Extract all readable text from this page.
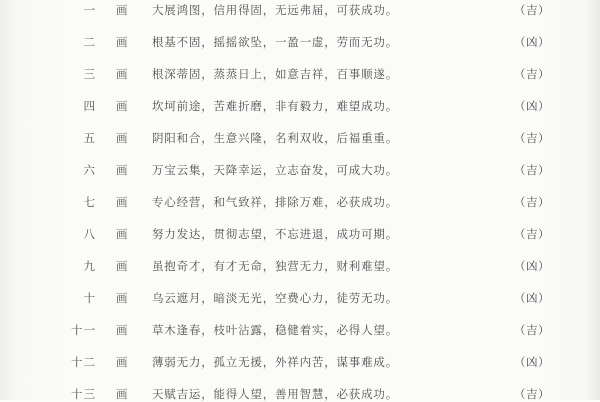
一	画	大展鸿图，信用得固，无远弗届，可获成功。	（吉）
二	画	根基不固，摇摇欲坠，一盈一虚，劳而无功。	（凶）
三	画	根深蒂固，蒸蒸日上，如意吉祥，百事顺遂。	（吉）
四	画	坎坷前途，苦难折磨，非有毅力，难望成功。	（凶）
五	画	阴阳和合，生意兴隆，名利双收，后福重重。	（吉）
六	画	万宝云集，天降幸运，立志奋发，可成大功。	（吉）
七	画	专心经营，和气致祥，排除万难，必获成功。	（吉）
八	画	努力发达，贯彻志望，不忘进退，成功可期。	（吉）
九	画	虽抱奇才，有才无命，独营无力，财利难望。	（凶）
十	画	乌云遮月，暗淡无光，空费心力，徒劳无功。	（凶）
十一	画	草木逢春，枝叶沾露，稳健着实，必得人望。	（吉）
十二	画	薄弱无力，孤立无援，外祥内苦，谋事难成。	（凶）
十三	画	天赋吉运，能得人望，善用智慧，必获成功。	（吉）
